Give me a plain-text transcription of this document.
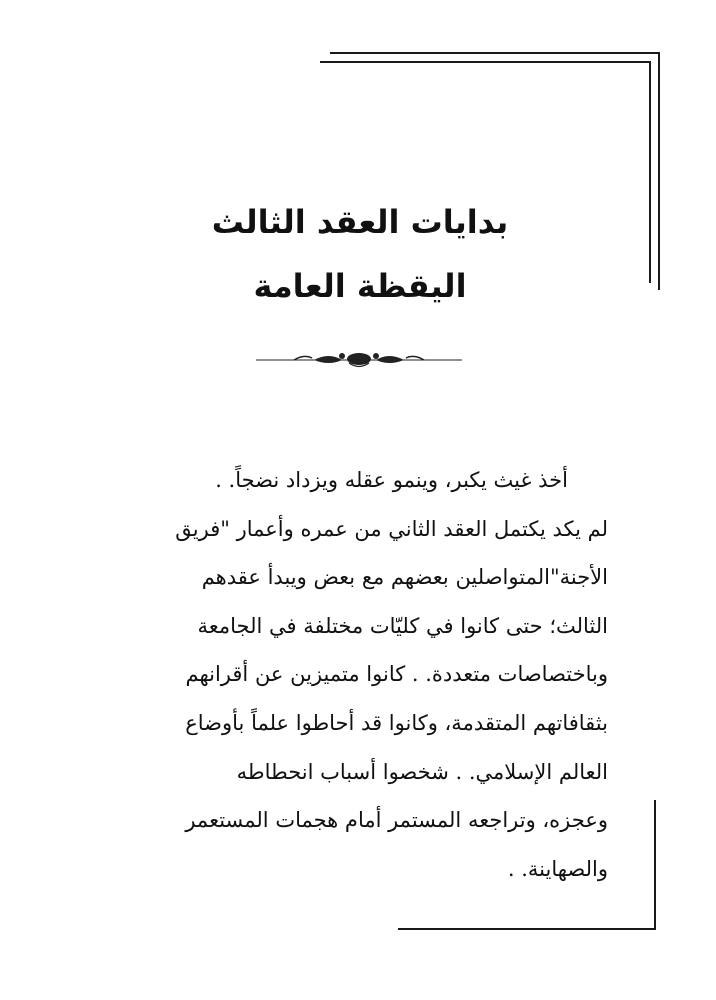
بدايات العقد الثالث
اليقظة العامة
أخذ غيث يكبر، وينمو عقله ويزداد نضجاً. .
لم يكد يكتمل العقد الثاني من عمره وأعمار "فريق
الأجنة"المتواصلين بعضهم مع بعض ويبدأ عقدهم
الثالث؛ حتى كانوا في كليّات مختلفة في الجامعة
وباختصاصات متعددة. . كانوا متميزين عن أقرانهم
بثقافاتهم المتقدمة، وكانوا قد أحاطوا علماً بأوضاع
العالم الإسلامي. . شخصوا أسباب انحطاطه
وعجزه، وتراجعه المستمر أمام هجمات المستعمر
والصهاينة. .
